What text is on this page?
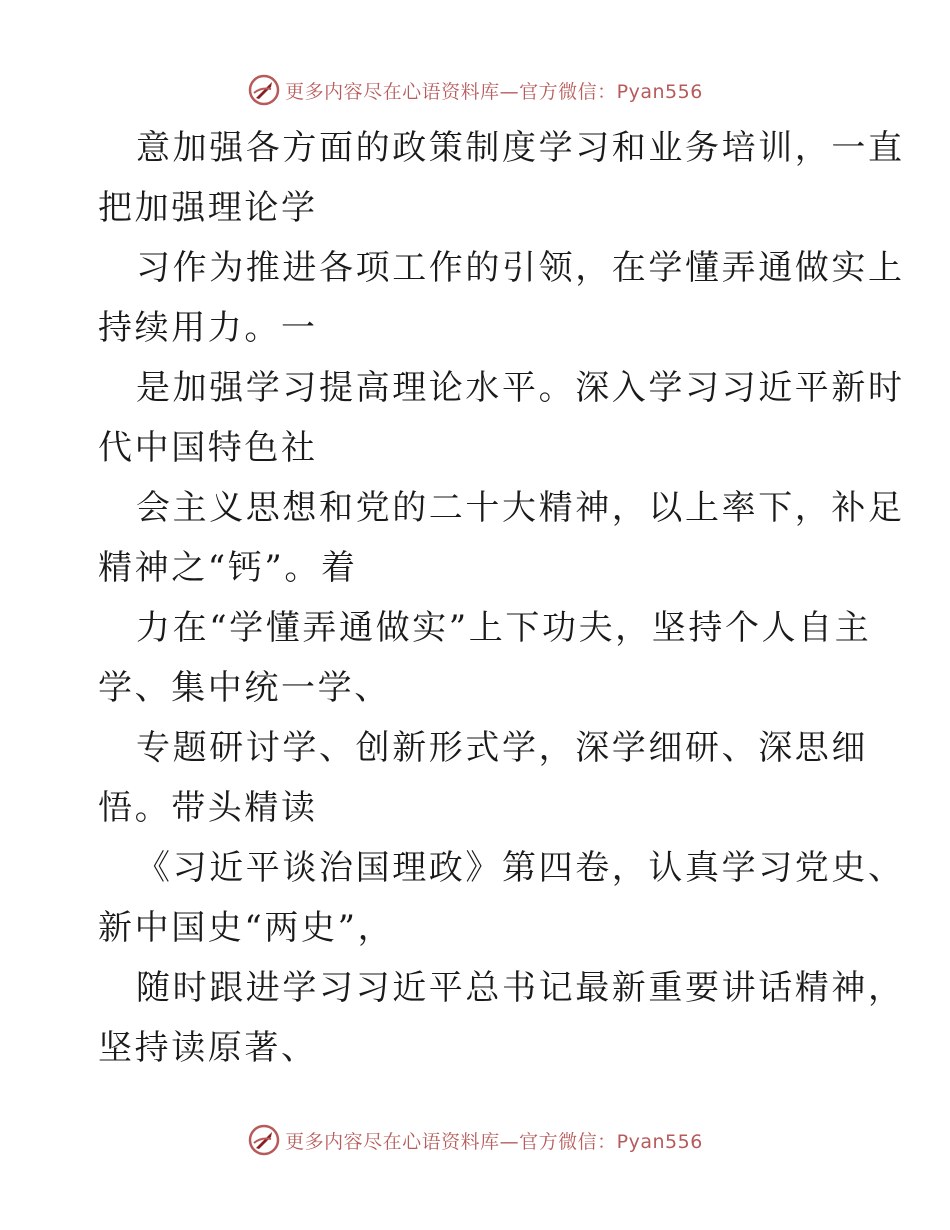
更多内容尽在心语资料库—官方微信：Pyan556

意加强各方面的政策制度学习和业务培训，一直

把加强理论学

习作为推进各项工作的引领，在学懂弄通做实上

持续用力。一

是加强学习提高理论水平。深入学习习近平新时

代中国特色社

会主义思想和党的二十大精神，以上率下，补足

精神之“钙”。着

力在“学懂弄通做实”上下功夫，坚持个人自主

学、集中统一学、

专题研讨学、创新形式学，深学细研、深思细

悟。带头精读

《习近平谈治国理政》第四卷，认真学习党史、

新中国史“两史”，

随时跟进学习习近平总书记最新重要讲话精神，

坚持读原著、

更多内容尽在心语资料库—官方微信：Pyan556
